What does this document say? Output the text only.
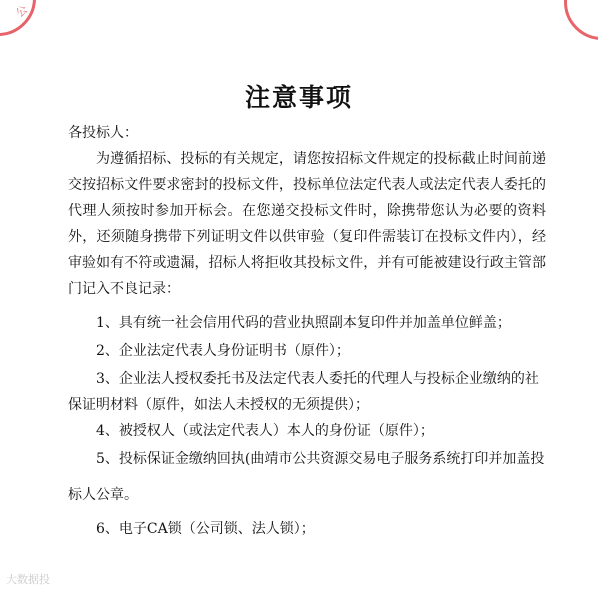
公
注意事项
各投标人：

为遵循招标、投标的有关规定，请您按招标文件规定的投标截止时间前递交按招标文件要求密封的投标文件，投标单位法定代表人或法定代表人委托的代理人须按时参加开标会。在您递交投标文件时，除携带您认为必要的资料外，还须随身携带下列证明文件以供审验（复印件需装订在投标文件内），经审验如有不符或遗漏，招标人将拒收其投标文件，并有可能被建设行政主管部门记入不良记录：

1、具有统一社会信用代码的营业执照副本复印件并加盖单位鲜盖；
2、企业法定代表人身份证明书（原件）；
3、企业法人授权委托书及法定代表人委托的代理人与投标企业缴纳的社保证明材料（原件，如法人未授权的无须提供）；
4、被授权人（或法定代表人）本人的身份证（原件）；
5、投标保证金缴纳回执(曲靖市公共资源交易电子服务系统打印并加盖投
标人公章。
6、电子CA锁（公司锁、法人锁）；
大数据投
